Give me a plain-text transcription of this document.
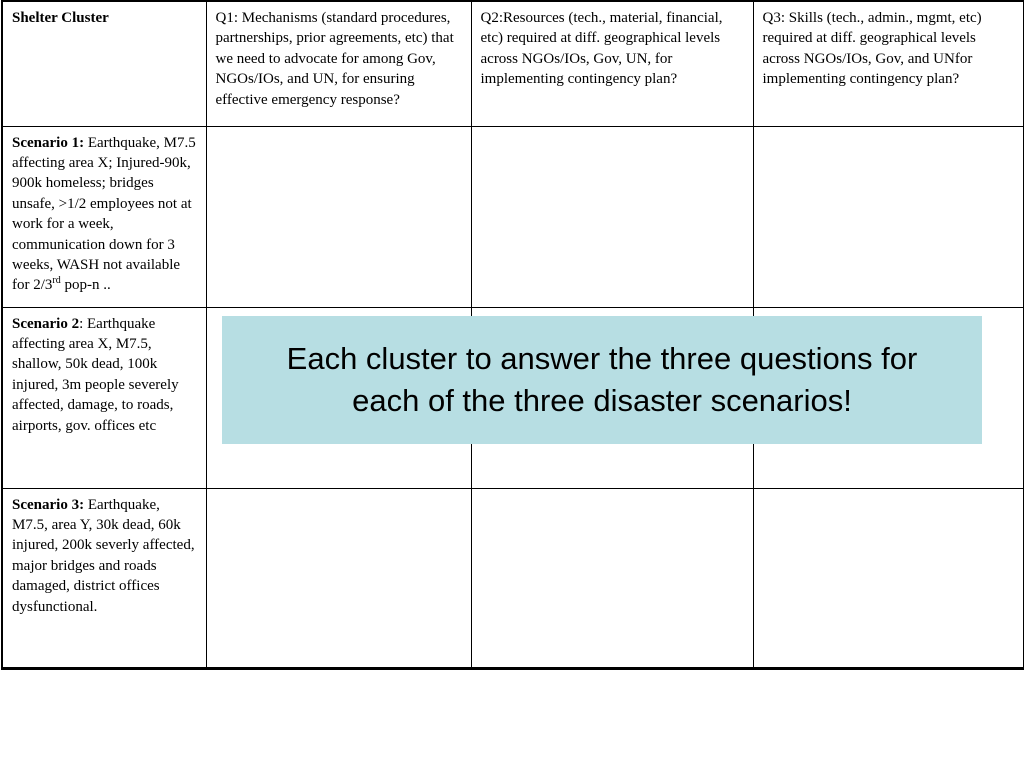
Shelter Cluster	Q1: Mechanisms (standard procedures, partnerships, prior agreements, etc) that we need to advocate for among Gov, NGOs/IOs, and UN, for ensuring effective emergency response?	Q2:Resources (tech., material, financial, etc) required at diff. geographical levels across NGOs/IOs, Gov, UN, for implementing contingency plan?	Q3: Skills (tech., admin., mgmt, etc) required at diff. geographical levels across NGOs/IOs, Gov, and UNfor implementing contingency plan?
Scenario 1: Earthquake, M7.5 affecting area X; Injured-90k, 900k homeless; bridges unsafe, >1/2 employees not at work for a week, communication down for 3 weeks, WASH not available for 2/3rd pop-n ..			
Scenario 2: Earthquake affecting area X, M7.5, shallow, 50k dead, 100k injured, 3m people severely affected, damage, to roads, airports, gov. offices etc			
Scenario 3: Earthquake, M7.5, area Y, 30k dead, 60k injured, 200k severly affected, major bridges and roads damaged, district offices dysfunctional.			
Each cluster to answer the three questions for each of the three disaster scenarios!
